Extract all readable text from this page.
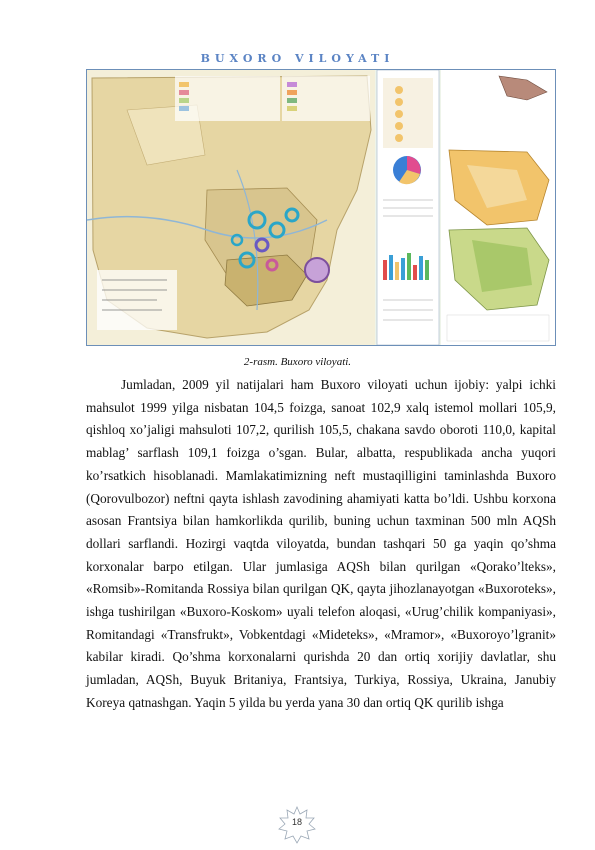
BUXORO VILOYATI
2-rasm. Buxoro viloyati.

Jumladan, 2009 yil natijalari ham Buxoro viloyati uchun ijobiy: yalpi ichki mahsulot 1999 yilga nisbatan 104,5 foizga, sanoat 102,9 xalq istemol mollari 105,9, qishloq xo’jaligi mahsuloti 107,2, qurilish 105,5, chakana savdo oboroti 110,0, kapital mablag’ sarflash 109,1 foizga o’sgan. Bular, albatta, respublikada ancha yuqori ko’rsatkich hisoblanadi. Mamlakatimizning neft mustaqilligini taminlashda Buxoro (Qorovulbozor) neftni qayta ishlash zavodining ahamiyati katta bo’ldi. Ushbu korxona asosan Frantsiya bilan hamkorlikda qurilib, buning uchun taxminan 500 mln AQSh dollari sarflandi. Hozirgi vaqtda viloyatda, bundan tashqari 50 ga yaqin qo’shma korxonalar barpo etilgan. Ular jumlasiga AQSh bilan qurilgan «Qorako’lteks», «Romsib»-Romitanda Rossiya bilan qurilgan QK, qayta jihozlanayotgan «Buxoroteks», ishga tushirilgan «Buxoro-Koskom» uyali telefon aloqasi, «Urug’chilik kompaniyasi», Romitandagi «Transfrukt», Vobkentdagi «Mideteks», «Mramor», «Buxoroyo’lgranit» kabilar kiradi. Qo’shma korxonalarni qurishda 20 dan ortiq xorijiy davlatlar, shu jumladan, AQSh, Buyuk Britaniya, Frantsiya, Turkiya, Rossiya, Ukraina, Janubiy Koreya qatnashgan. Yaqin 5 yilda bu yerda yana 30 dan ortiq QK qurilib ishga

18
